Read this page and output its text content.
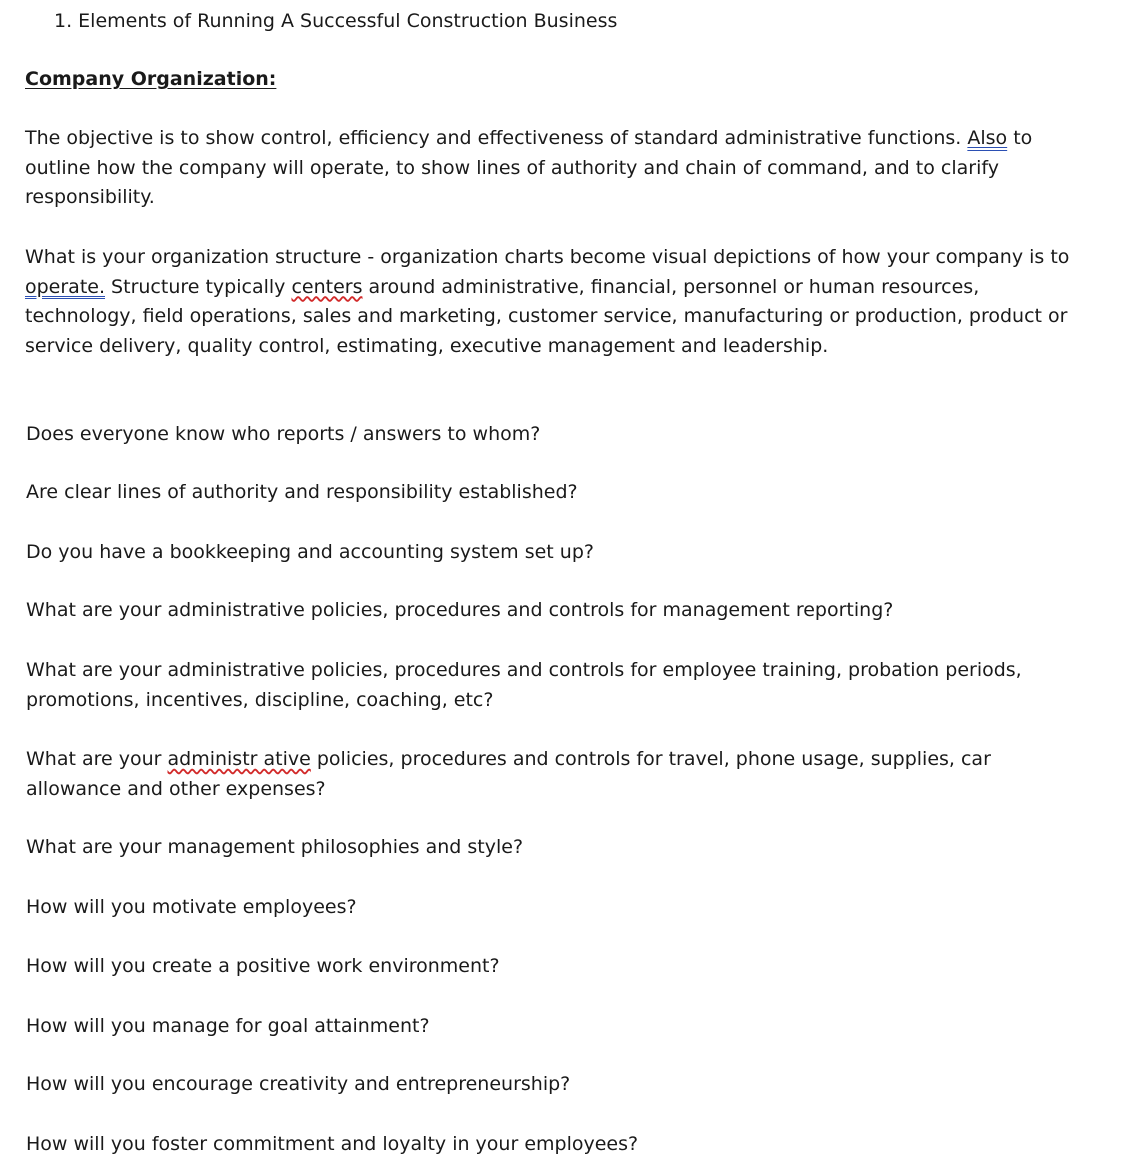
1. Elements of Running A Successful Construction Business
Company Organization:
The objective is to show control, efficiency and effectiveness of standard administrative functions. Also to
outline how the company will operate, to show lines of authority and chain of command, and to clarify
responsibility.
What is your organization structure - organization charts become visual depictions of how your company is to
operate. Structure typically centers around administrative, financial, personnel or human resources,
technology, field operations, sales and marketing, customer service, manufacturing or production, product or
service delivery, quality control, estimating, executive management and leadership.
Does everyone know who reports / answers to whom?
Are clear lines of authority and responsibility established?
Do you have a bookkeeping and accounting system set up?
What are your administrative policies, procedures and controls for management reporting?
What are your administrative policies, procedures and controls for employee training, probation periods,
promotions, incentives, discipline, coaching, etc?
What are your administr ative policies, procedures and controls for travel, phone usage, supplies, car
allowance and other expenses?
What are your management philosophies and style?
How will you motivate employees?
How will you create a positive work environment?
How will you manage for goal attainment?
How will you encourage creativity and entrepreneurship?
How will you foster commitment and loyalty in your employees?
